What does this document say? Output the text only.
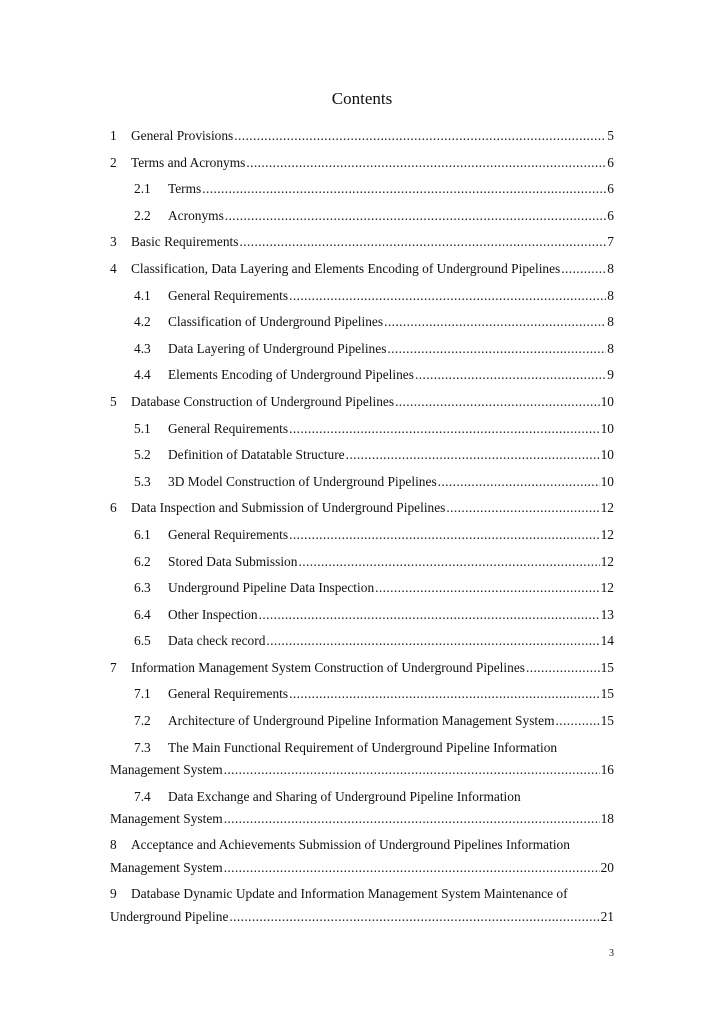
Contents
1	General Provisions .....	5
2	Terms and Acronyms .....	6
2.1	Terms .....	6
2.2	Acronyms .....	6
3	Basic Requirements .....	7
4	Classification, Data Layering and Elements Encoding of Underground Pipelines .....	8
4.1	General Requirements .....	8
4.2	Classification of Underground Pipelines .....	8
4.3	Data Layering of Underground Pipelines .....	8
4.4	Elements Encoding of Underground Pipelines .....	9
5	Database Construction of Underground Pipelines .....	10
5.1	General Requirements .....	10
5.2	Definition of Datatable Structure .....	10
5.3	3D Model Construction of Underground Pipelines .....	10
6	Data Inspection and Submission of Underground Pipelines .....	12
6.1	General Requirements .....	12
6.2	Stored Data Submission .....	12
6.3	Underground Pipeline Data Inspection .....	12
6.4	Other Inspection .....	13
6.5	Data check record .....	14
7	Information Management System Construction of Underground Pipelines .....	15
7.1	General Requirements .....	15
7.2	Architecture of Underground Pipeline Information Management System .....	15
7.3	The Main Functional Requirement of Underground Pipeline Information
Management System .....	16
7.4	Data Exchange and Sharing of Underground Pipeline Information
Management System .....	18
8	Acceptance and Achievements Submission of Underground Pipelines Information
Management System .....	20
9	Database Dynamic Update and Information Management System Maintenance of
Underground Pipeline .....	21
3
